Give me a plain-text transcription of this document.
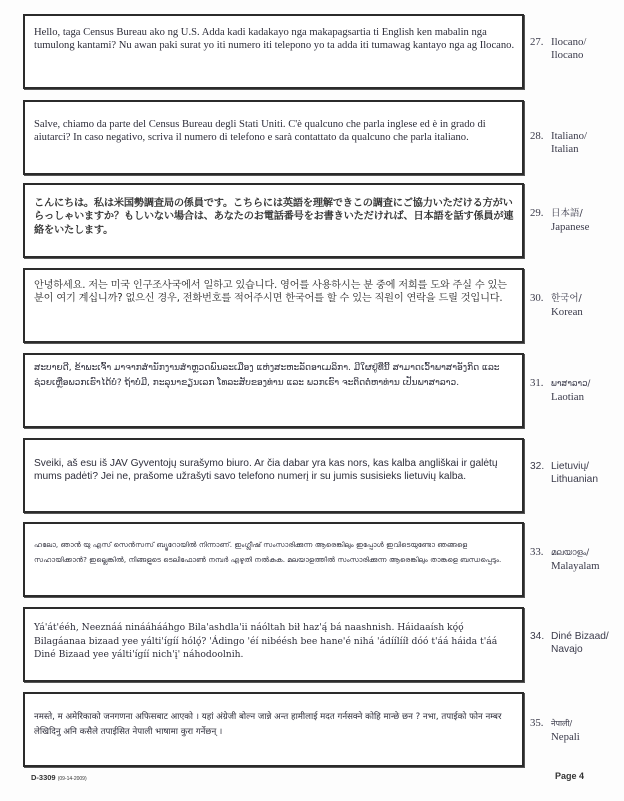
Hello, taga Census Bureau ako ng U.S. Adda kadi kadakayo nga makapagsartia ti English ken mabalin nga tumulong kantami? Nu awan paki surat yo iti numero iti telepono yo ta adda iti tumawag kantayo nga ag Ilocano. 27. Ilocano/
Ilocano
Salve, chiamo da parte del Census Bureau degli Stati Uniti. C'è qualcuno che parla inglese ed è in grado di aiutarci? In caso negativo, scriva il numero di telefono e sarà contattato da qualcuno che parla italiano.	28. Italiano/
Italian
こんにちは。私は米国勢調査局の係員です。こちらには英語を理解できこの調査にご協力いただける方がいらっしゃいますか？もしいない場合は、あなたのお電話番号をお書きいただければ、日本語を話す係員が連絡をいたします。
29. 日本語/
Japanese
안녕하세요. 저는 미국 인구조사국에서 일하고 있습니다. 영어를 사용하시는 분 중에 저희를 도와 주실 수 있는 분이 여기 계십니까? 없으신 경우, 전화번호를 적어주시면 한국어를 할 수 있는 직원이 연락을 드릴 것입니다.	30. 한국어/
Korean
ສະບາຍດີ, ຂ້າພະເຈົ້າ ມາຈາກສຳນັກງານສຳຫຼວດພົນລະເມືອງ ແຫ່ງສະຫະລັດອາເມລິກາ. ມີໃຜຢູ່ທີ່ນີ້ ສາມາດເວົ້າພາສາອັງກິດ ແລະ ຊ່ວຍເຫຼືອພວກເຮົາໄດ້ບໍ່? ຖ້າບໍ່ມີ, ກະລຸນາຂຽນເລກ ໂທລະສັບຂອງທ່ານ ແລະ ພວກເຮົາ ຈະຕິດຕໍ່ຫາທ່ານ ເປັນພາສາລາວ.	31. ພາສາລາວ/
Laotian
Sveiki, aš esu iš JAV Gyventojų surašymo biuro. Ar čia dabar yra kas nors, kas kalba angliškai ir galėtų mums padėti? Jei ne, prašome užrašyti savo telefono numerį ir su jumis susisieks lietuvių kalba.
32. Lietuvių/
Lithuanian
ഹലോ, ഞാൻ യു എസ് സെൻസസ് ബ്യൂറോയിൽ നിന്നാണ്. ഇംഗ്ലീഷ് സംസാരിക്കുന്ന ആരെങ്കിലും ഇപ്പോൾ ഇവിടെയുണ്ടോ ഞങ്ങളെ സഹായിക്കാൻ? ഇല്ലെങ്കിൽ, നിങ്ങളുടെ ടെലിഫോൺ നമ്പർ എഴുതി നൽകുക. മലയാളത്തിൽ സംസാരിക്കുന്ന ആരെങ്കിലും താങ്കളെ ബന്ധപ്പെടും.
33. മലയാളം/
Malayalam
Yá'át'ééh, Neeznáá ninááhááhgo Bila'ashdla'ii náóltah bił haz'ą́ bá naashnish. Háidaaísh kǫ́ǫ́ Bilagáanaa bizaad yee yálti'ígíí hólǫ́? 'Ádingo 'éí nibéésh bee hane'é nihá 'ádíílííł dóó t'áá háida t'áá Diné Bizaad yee yálti'ígíí nich'į' náhodoolnih.
34. Diné Bizaad/
Navajo
नमस्ते, म अमेरिकाको जनगणना अफिसबाट आएको । यहां अंग्रेजी बोल्न जान्ने अन्त हामीलाई मदत गर्नसक्ने कोहि मान्छे छन ? नभा, तपाईको फोन नम्बर लेखिदिनु अनि कसैले तपाईसित नेपाली भाषामा कुरा गर्नेछन् ।
35. नेपाली/
Nepali
D-3309 (09-14-2009)	Page 4
